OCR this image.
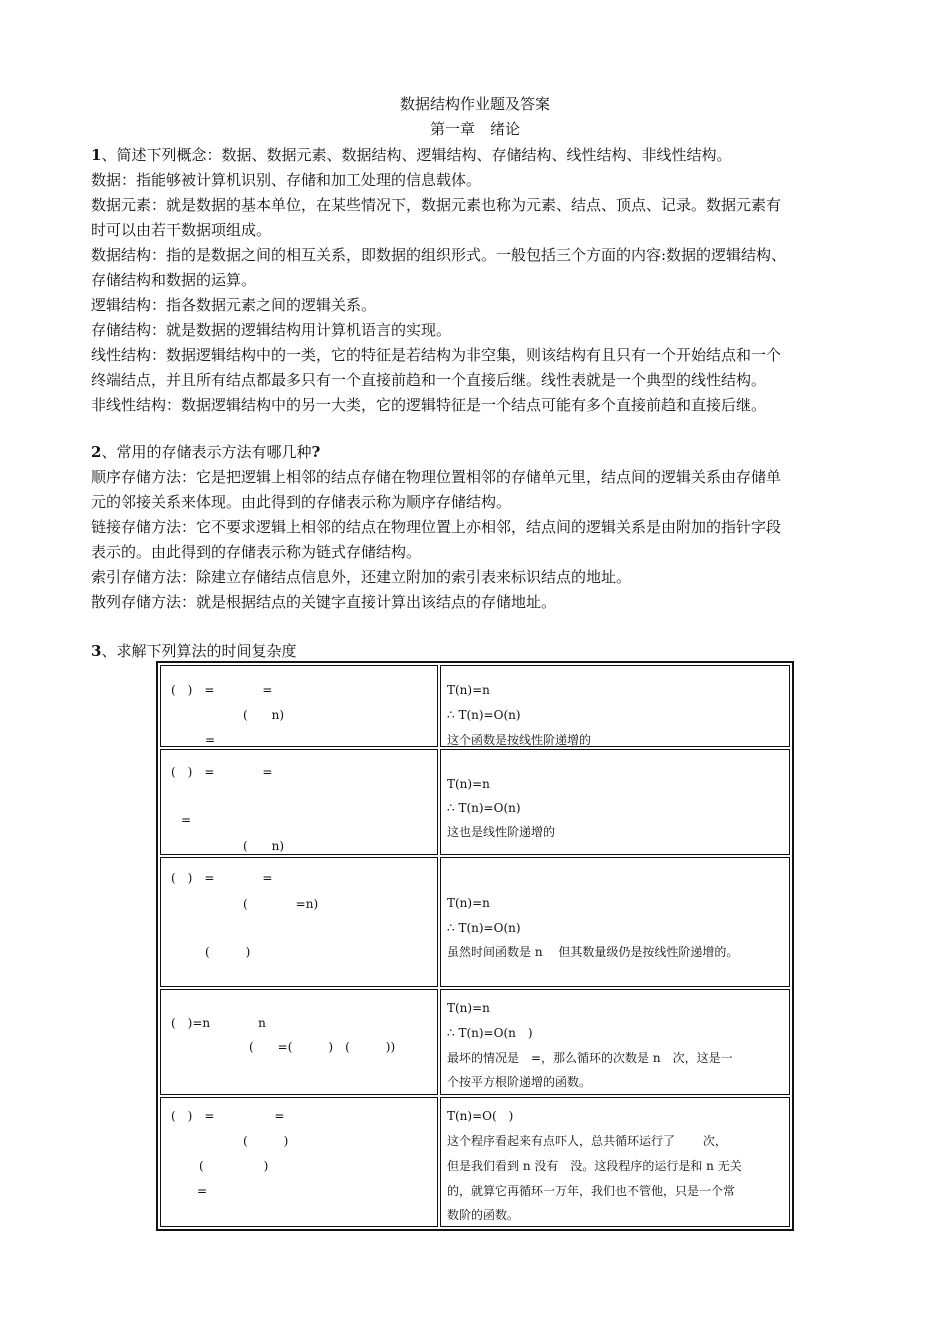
数据结构作业题及答案
第一章　绪论
1、简述下列概念：数据、数据元素、数据结构、逻辑结构、存储结构、线性结构、非线性结构。
数据：指能够被计算机识别、存储和加工处理的信息载体。
数据元素：就是数据的基本单位，在某些情况下，数据元素也称为元素、结点、顶点、记录。数据元素有
时可以由若干数据项组成。
数据结构：指的是数据之间的相互关系，即数据的组织形式。一般包括三个方面的内容:数据的逻辑结构、
存储结构和数据的运算。
逻辑结构：指各数据元素之间的逻辑关系。
存储结构：就是数据的逻辑结构用计算机语言的实现。
线性结构：数据逻辑结构中的一类，它的特征是若结构为非空集，则该结构有且只有一个开始结点和一个
终端结点，并且所有结点都最多只有一个直接前趋和一个直接后继。线性表就是一个典型的线性结构。
非线性结构：数据逻辑结构中的另一大类，它的逻辑特征是一个结点可能有多个直接前趋和直接后继。
2、常用的存储表示方法有哪几种?
顺序存储方法：它是把逻辑上相邻的结点存储在物理位置相邻的存储单元里，结点间的逻辑关系由存储单
元的邻接关系来体现。由此得到的存储表示称为顺序存储结构。
链接存储方法：它不要求逻辑上相邻的结点在物理位置上亦相邻，结点间的逻辑关系是由附加的指针字段
表示的。由此得到的存储表示称为链式存储结构。
索引存储方法：除建立存储结点信息外，还建立附加的索引表来标识结点的地址。
散列存储方法：就是根据结点的关键字直接计算出该结点的存储地址。
3、求解下列算法的时间复杂度
(　)　=　　　　=
(　　n)
=	T(n)=n
∴ T(n)=O(n)
这个函数是按线性阶递增的

(　)　=　　　　=
=
(　　n)	T(n)=n
∴ T(n)=O(n)
这也是线性阶递增的

(　)　=　　　　=
(　　　　=n)
(　　　)	T(n)=n
∴ T(n)=O(n)
虽然时间函数是 n　 但其数量级仍是按线性阶递增的。

(　)=n　　　　n
(　　=(　　　)　(　　　))	T(n)=n
∴ T(n)=O(n　)
最坏的情况是　=，那么循环的次数是 n　次，这是一
个按平方根阶递增的函数。

(　)　=　　　　　=
(　　　)
(　　　　　)
=	T(n)=O(　)
这个程序看起来有点吓人，总共循环运行了　　 次，
但是我们看到 n 没有　没。这段程序的运行是和 n 无关
的，就算它再循环一万年，我们也不管他，只是一个常
数阶的函数。
